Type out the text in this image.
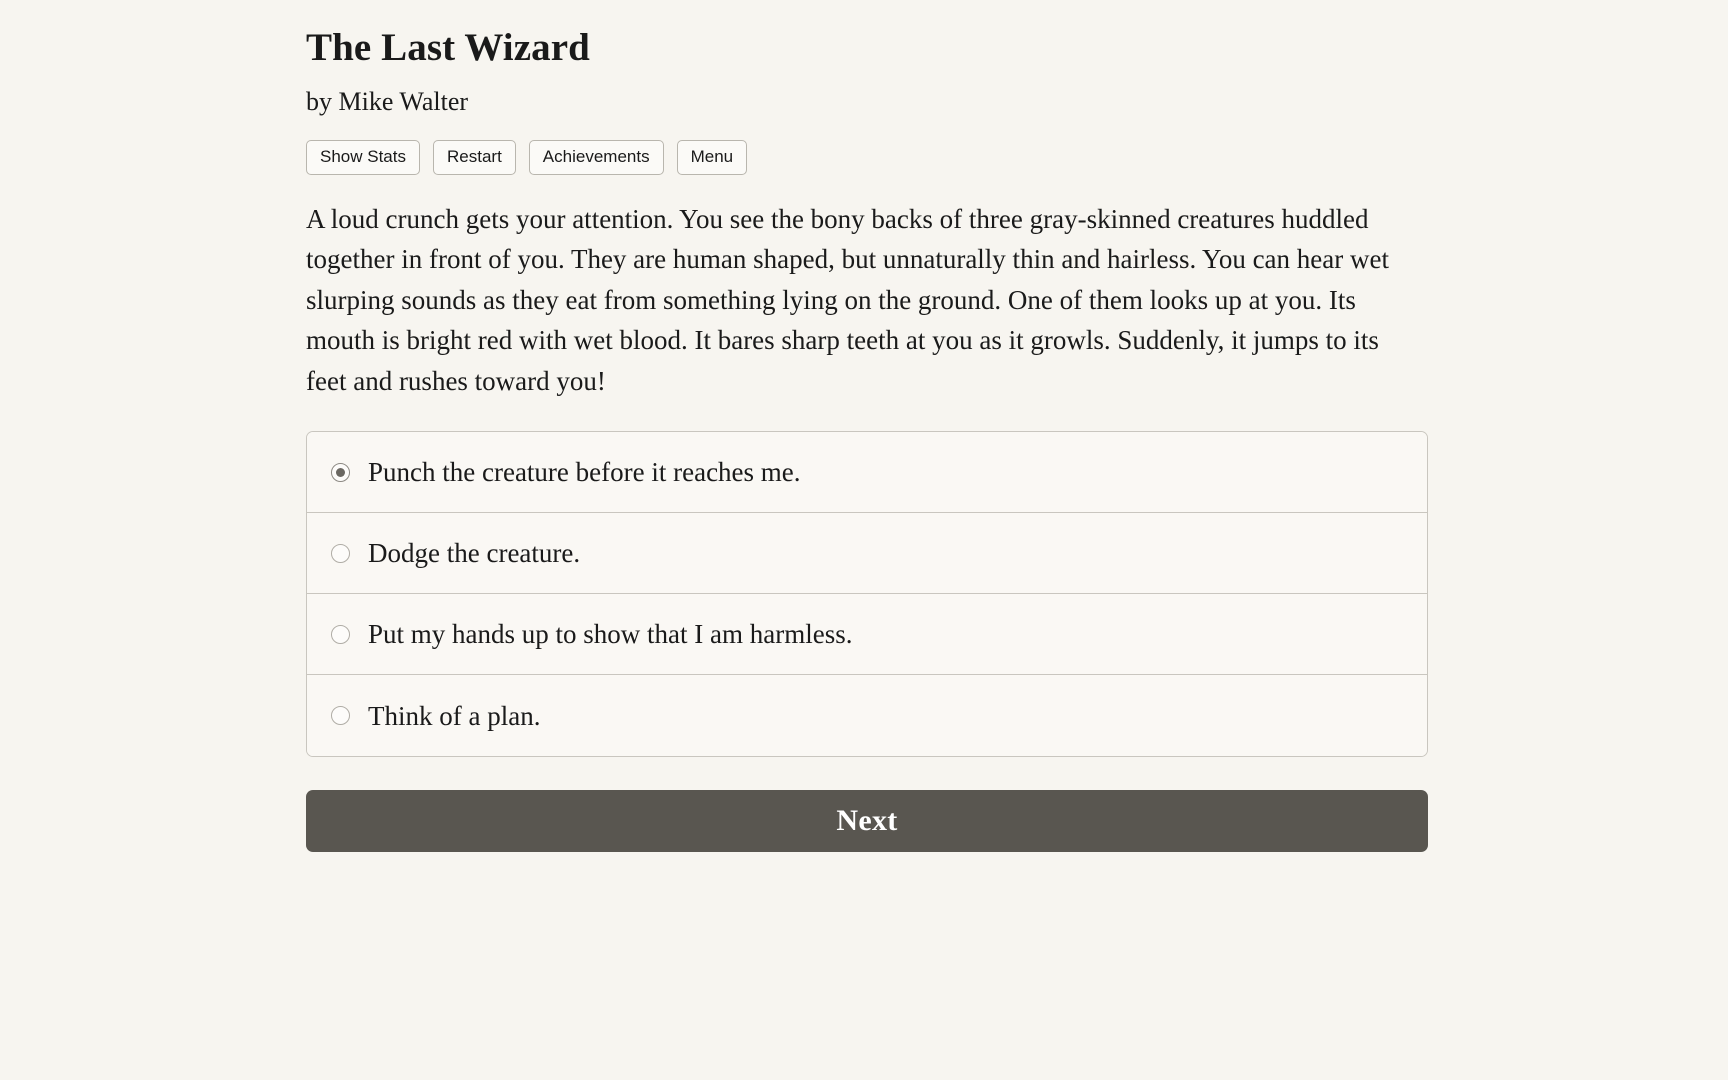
The Last Wizard
by Mike Walter
Show Stats	Restart	Achievements	Menu
A loud crunch gets your attention. You see the bony backs of three gray-skinned creatures huddled together in front of you. They are human shaped, but unnaturally thin and hairless. You can hear wet slurping sounds as they eat from something lying on the ground. One of them looks up at you. Its mouth is bright red with wet blood. It bares sharp teeth at you as it growls. Suddenly, it jumps to its feet and rushes toward you!
Punch the creature before it reaches me.
Dodge the creature.
Put my hands up to show that I am harmless.
Think of a plan.
Next
